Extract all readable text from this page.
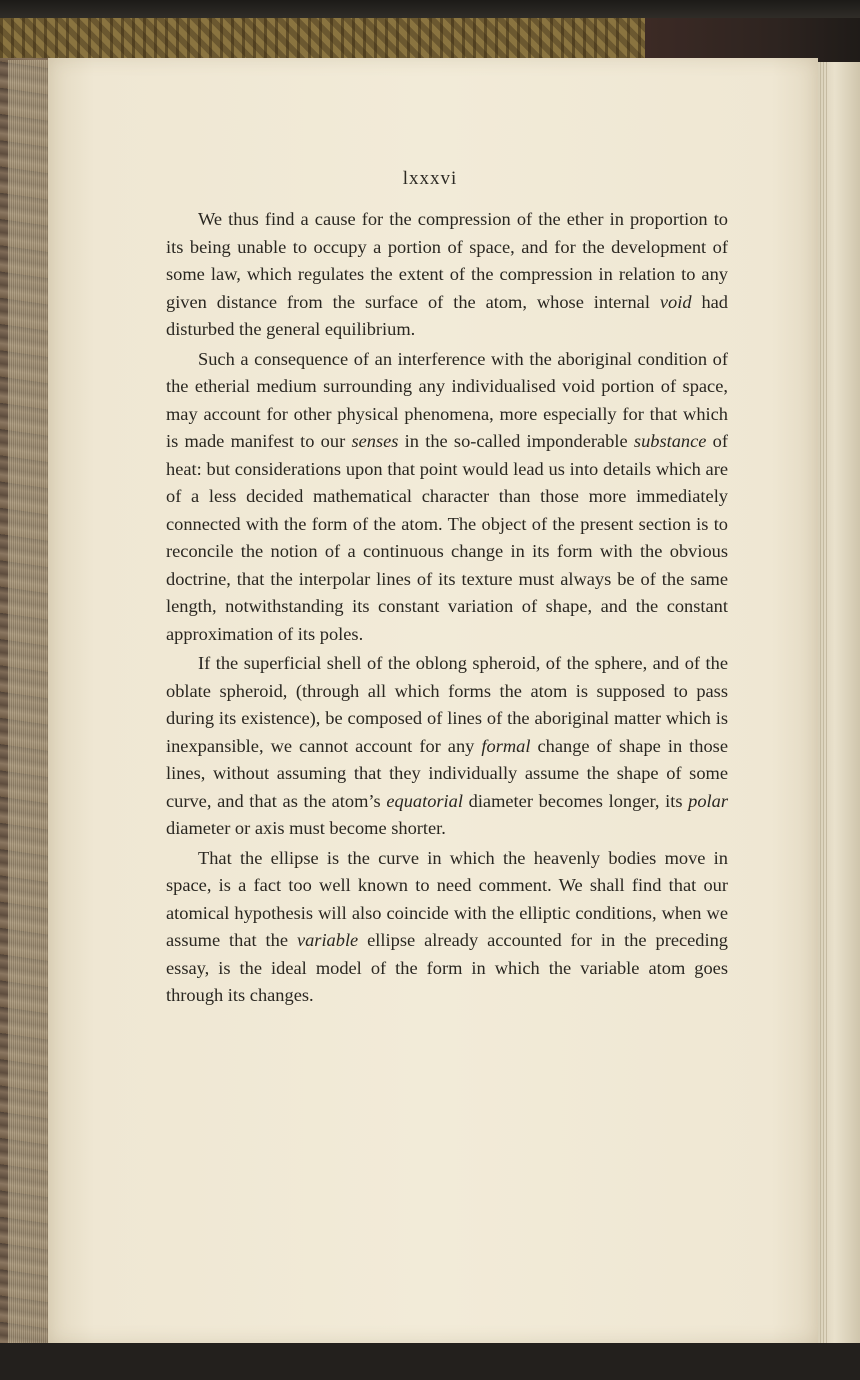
lxxxvi

We thus find a cause for the compression of the ether in proportion to its being unable to occupy a portion of space, and for the development of some law, which regulates the extent of the compression in relation to any given distance from the surface of the atom, whose internal void had disturbed the general equilibrium.

Such a consequence of an interference with the aboriginal condition of the etherial medium surrounding any individualised void portion of space, may account for other physical phenomena, more especially for that which is made manifest to our senses in the so-called imponderable substance of heat: but considerations upon that point would lead us into details which are of a less decided mathematical character than those more immediately connected with the form of the atom. The object of the present section is to reconcile the notion of a continuous change in its form with the obvious doctrine, that the interpolar lines of its texture must always be of the same length, notwithstanding its constant variation of shape, and the constant approximation of its poles.

If the superficial shell of the oblong spheroid, of the sphere, and of the oblate spheroid, (through all which forms the atom is supposed to pass during its existence), be composed of lines of the aboriginal matter which is inexpansible, we cannot account for any formal change of shape in those lines, without assuming that they individually assume the shape of some curve, and that as the atom’s equatorial diameter becomes longer, its polar diameter or axis must become shorter.

That the ellipse is the curve in which the heavenly bodies move in space, is a fact too well known to need comment. We shall find that our atomical hypothesis will also coincide with the elliptic conditions, when we assume that the variable ellipse already accounted for in the preceding essay, is the ideal model of the form in which the variable atom goes through its changes.
